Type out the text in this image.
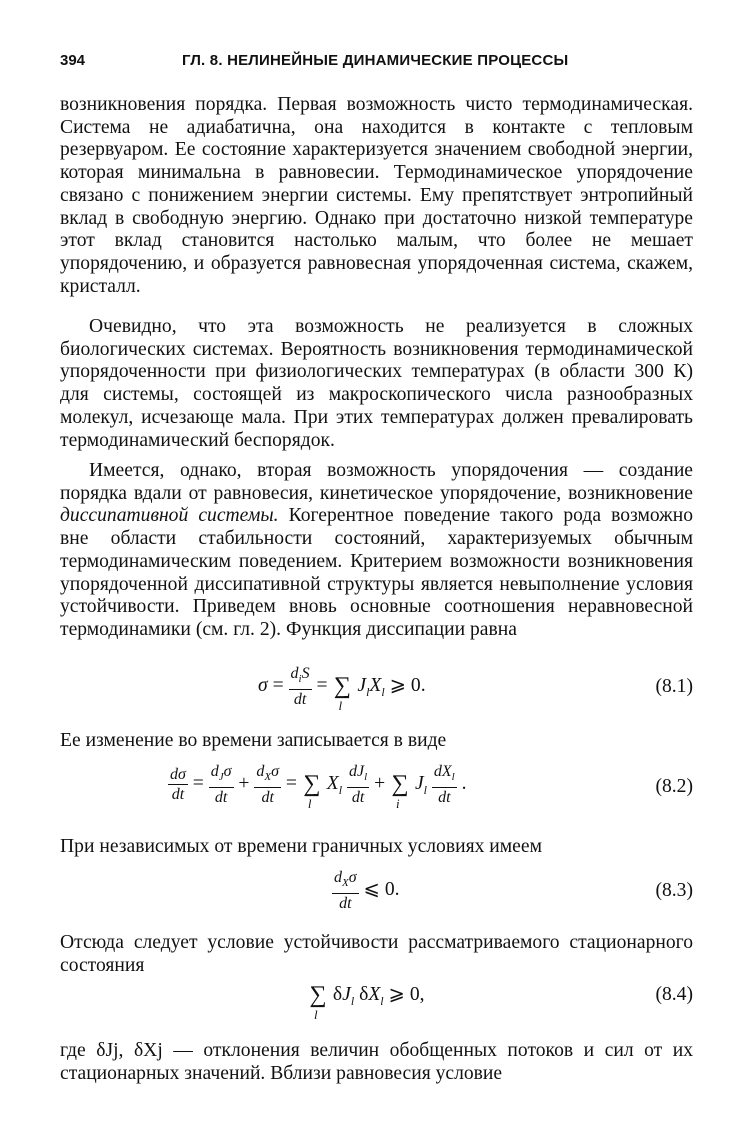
394	ГЛ. 8. НЕЛИНЕЙНЫЕ ДИНАМИЧЕСКИЕ ПРОЦЕССЫ

возникновения порядка. Первая возможность чисто термодинамическая. Система не адиабатична, она находится в контакте с тепловым резервуаром. Ее состояние характеризуется значением свободной энергии, которая минимальна в равновесии. Термодинамическое упорядочение связано с понижением энергии системы. Ему препятствует энтропийный вклад в свободную энергию. Однако при достаточно низкой температуре этот вклад становится настолько малым, что более не мешает упорядочению, и образуется равновесная упорядоченная система, скажем, кристалл.

Очевидно, что эта возможность не реализуется в сложных биологических системах. Вероятность возникновения термодинамической упорядоченности при физиологических температурах (в области 300 К) для системы, состоящей из макроскопического числа разнообразных молекул, исчезающе мала. При этих температурах должен превалировать термодинамический беспорядок.

Имеется, однако, вторая возможность упорядочения — создание порядка вдали от равновесия, кинетическое упорядочение, возникновение диссипативной системы. Когерентное поведение такого рода возможно вне области стабильности состояний, характеризуемых обычным термодинамическим поведением. Критерием возможности возникновения упорядоченной диссипативной структуры является невыполнение условия устойчивости. Приведем вновь основные соотношения неравновесной термодинамики (см. гл. 2). Функция диссипации равна

$\sigma = \frac{d_iS}{dt}$ = ∑
l
$J_lX_l$ ⩾ 0.	(8.1)

Ее изменение во времени записывается в виде

$\frac{d\sigma}{dt} = \frac{d_J\sigma}{dt} + \frac{d_X\sigma}{dt}$ = ∑
l
$X_l \frac{dJ_l}{dt}$ + ∑
i
$J_l \frac{dX_l}{dt}$ .	(8.2)

При независимых от времени граничных условиях имеем

$\frac{d_X\sigma}{dt}$ ⩽ 0.	(8.3)

Отсюда следует условие устойчивости рассматриваемого стационарного состояния

∑
l
$\delta J_l$ $\delta X_l$ ⩾ 0,	(8.4)

где δJj, δXj — отклонения величин обобщенных потоков и сил от их стационарных значений. Вблизи равновесия условие
